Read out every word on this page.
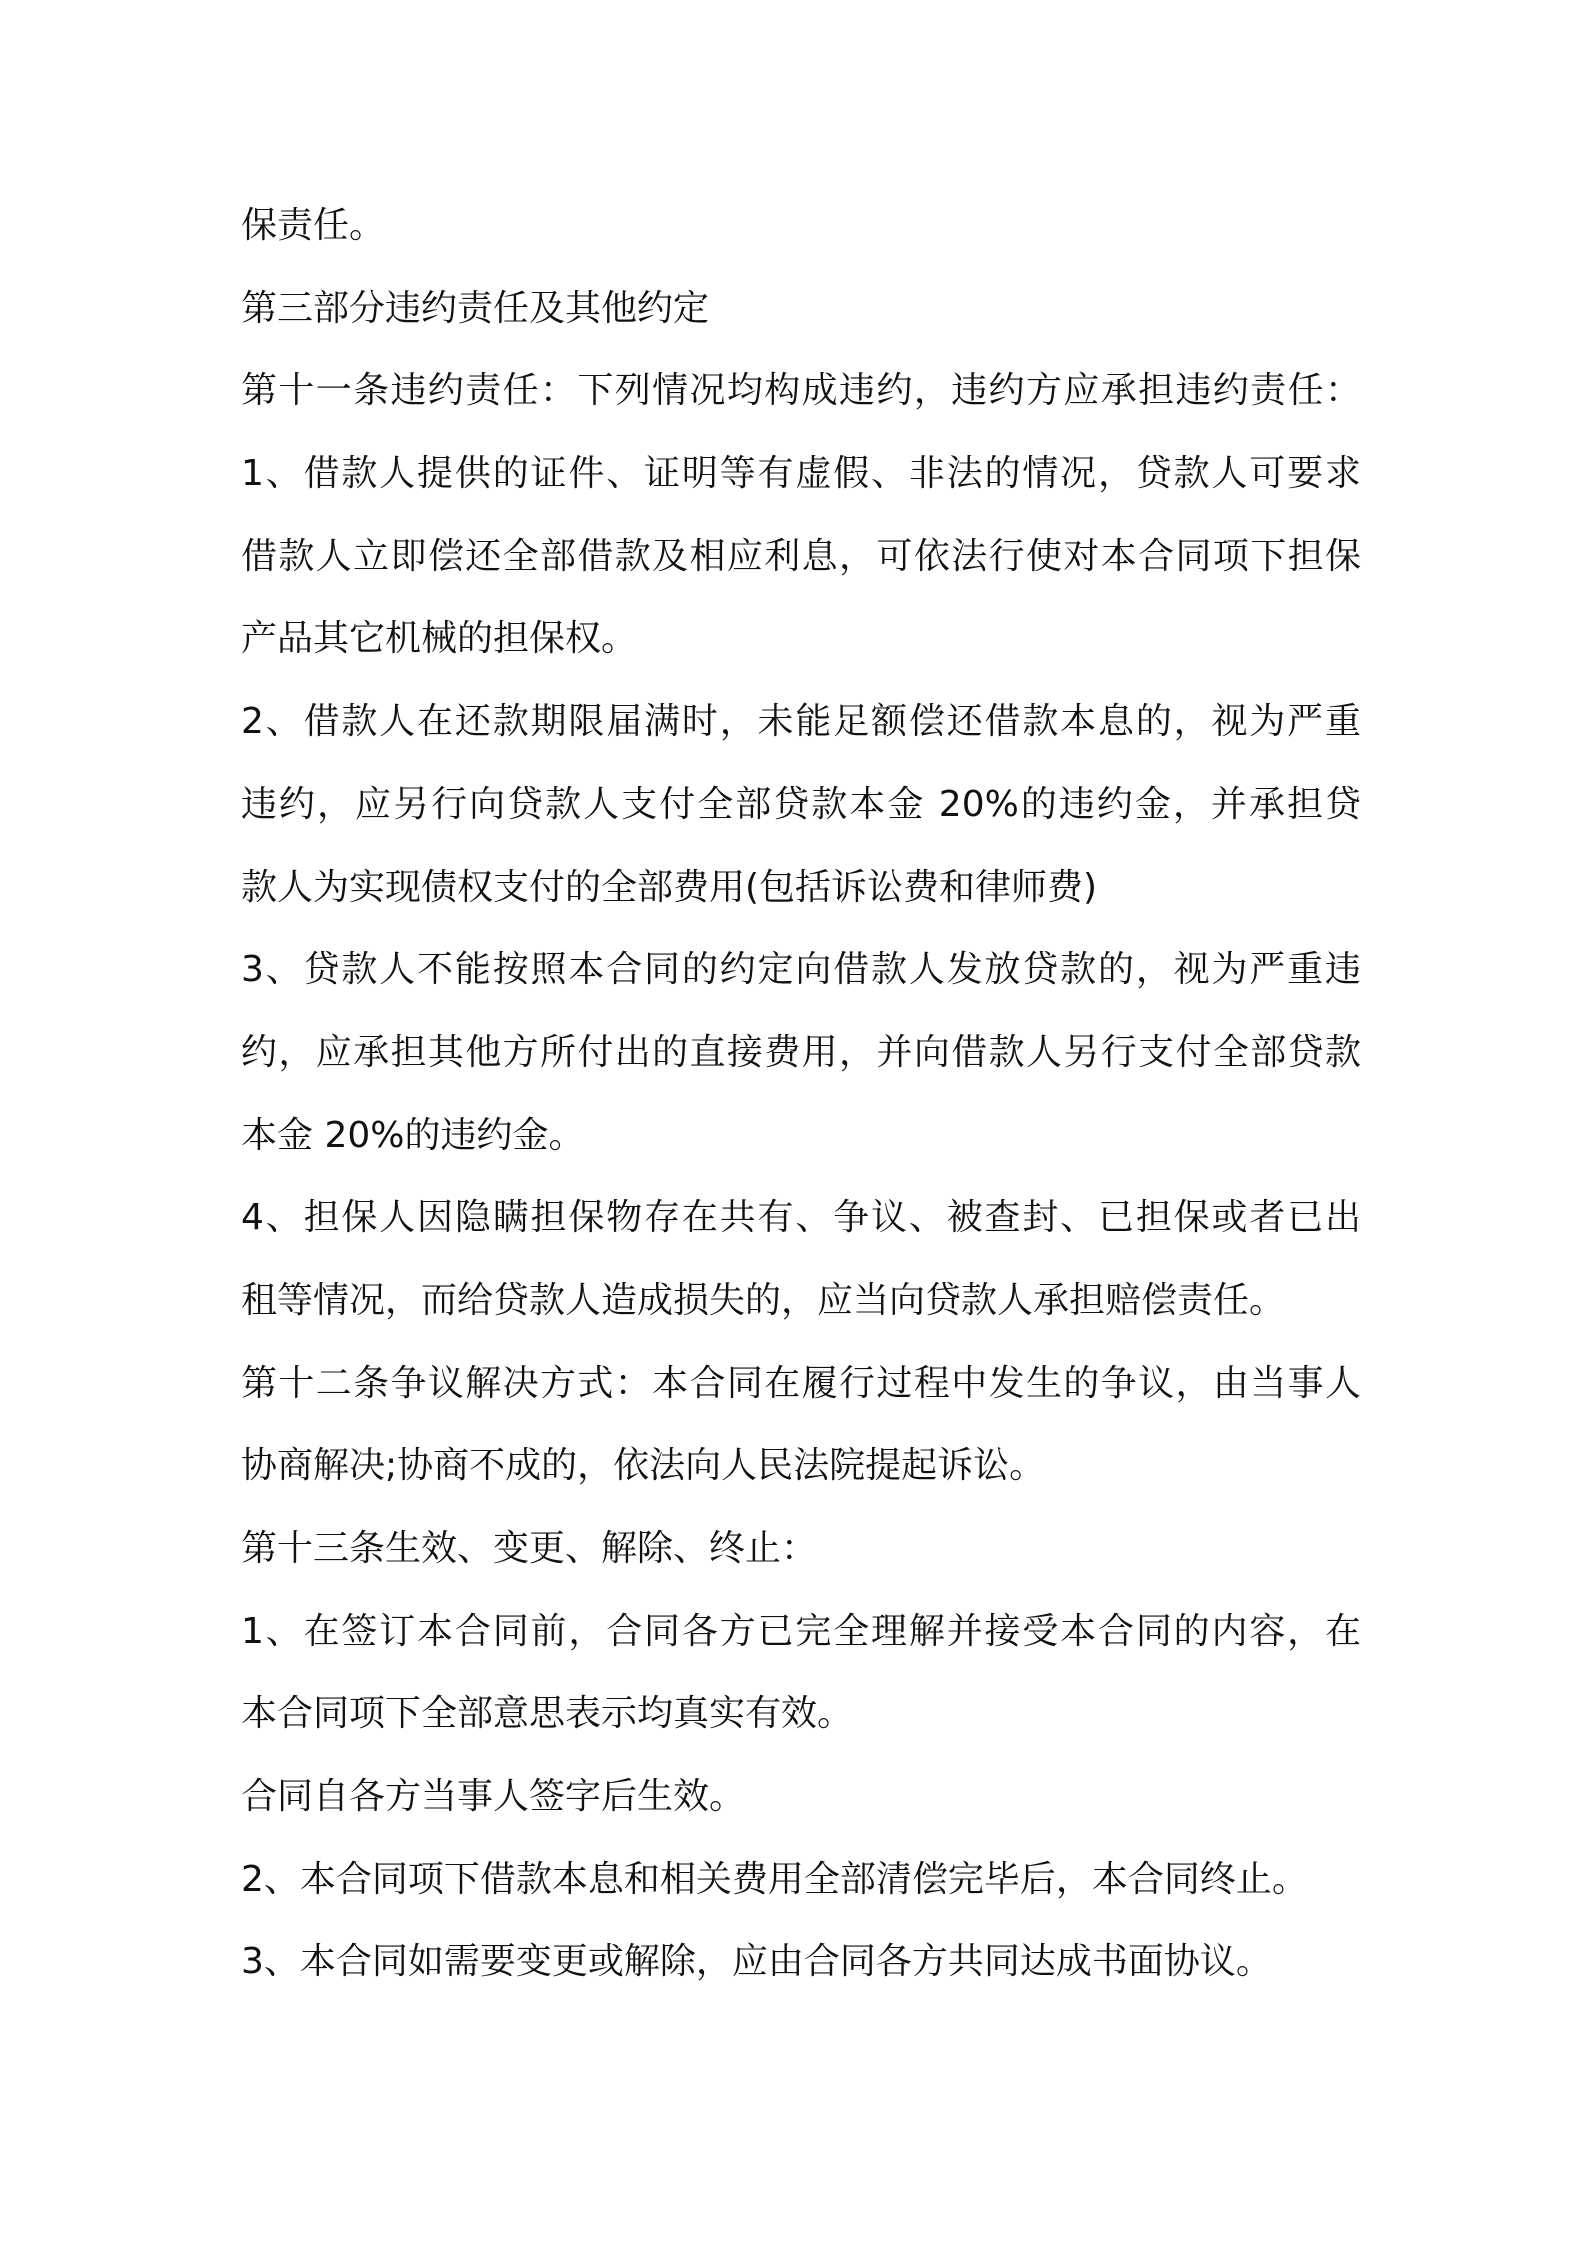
保责任。
第三部分违约责任及其他约定
第十一条违约责任：下列情况均构成违约，违约方应承担违约责任：
1、借款人提供的证件、证明等有虚假、非法的情况，贷款人可要求
借款人立即偿还全部借款及相应利息，可依法行使对本合同项下担保
产品其它机械的担保权。
2、借款人在还款期限届满时，未能足额偿还借款本息的，视为严重
违约，应另行向贷款人支付全部贷款本金 20%的违约金，并承担贷
款人为实现债权支付的全部费用(包括诉讼费和律师费)
3、贷款人不能按照本合同的约定向借款人发放贷款的，视为严重违
约，应承担其他方所付出的直接费用，并向借款人另行支付全部贷款
本金 20%的违约金。
4、担保人因隐瞒担保物存在共有、争议、被查封、已担保或者已出
租等情况，而给贷款人造成损失的，应当向贷款人承担赔偿责任。
第十二条争议解决方式：本合同在履行过程中发生的争议，由当事人
协商解决;协商不成的，依法向人民法院提起诉讼。
第十三条生效、变更、解除、终止：
1、在签订本合同前，合同各方已完全理解并接受本合同的内容，在
本合同项下全部意思表示均真实有效。
合同自各方当事人签字后生效。
2、本合同项下借款本息和相关费用全部清偿完毕后，本合同终止。
3、本合同如需要变更或解除，应由合同各方共同达成书面协议。
